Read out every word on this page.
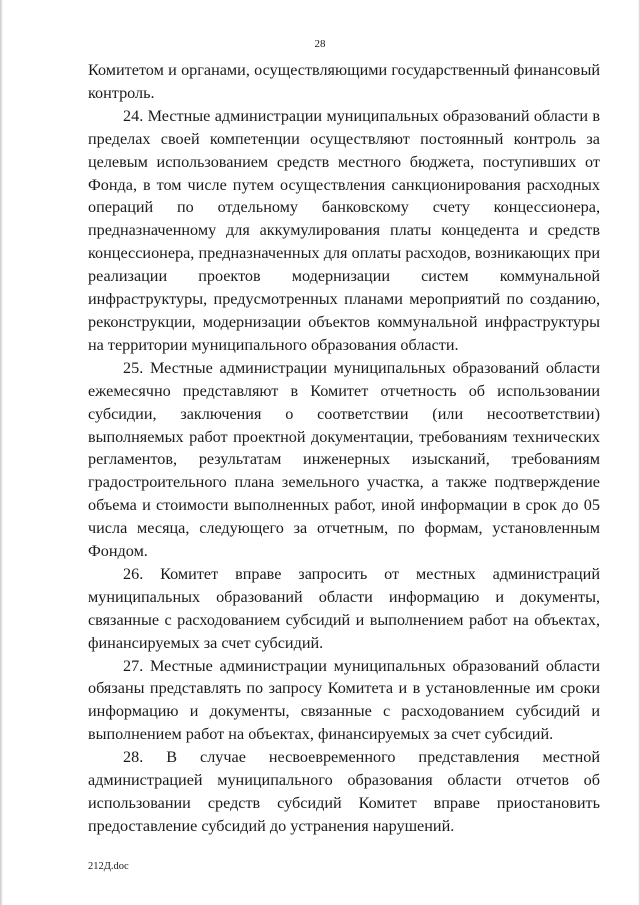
28

Комитетом и органами, осуществляющими государственный финансовый контроль.

24. Местные администрации муниципальных образований области в пределах своей компетенции осуществляют постоянный контроль за целевым использованием средств местного бюджета, поступивших от Фонда, в том числе путем осуществления санкционирования расходных операций по отдельному банковскому счету концессионера, предназначенному для аккумулирования платы концедента и средств концессионера, предназначенных для оплаты расходов, возникающих при реализации проектов модернизации систем коммунальной инфраструктуры, предусмотренных планами мероприятий по созданию, реконструкции, модернизации объектов коммунальной инфраструктуры на территории муниципального образования области.

25. Местные администрации муниципальных образований области ежемесячно представляют в Комитет отчетность об использовании субсидии, заключения о соответствии (или несоответствии) выполняемых работ проектной документации, требованиям технических регламентов, результатам инженерных изысканий, требованиям градостроительного плана земельного участка, а также подтверждение объема и стоимости выполненных работ, иной информации в срок до 05 числа месяца, следующего за отчетным, по формам, установленным Фондом.

26. Комитет вправе запросить от местных администраций муниципальных образований области информацию и документы, связанные с расходованием субсидий и выполнением работ на объектах, финансируемых за счет субсидий.

27. Местные администрации муниципальных образований области обязаны представлять по запросу Комитета и в установленные им сроки информацию и документы, связанные с расходованием субсидий и выполнением работ на объектах, финансируемых за счет субсидий.

28. В случае несвоевременного представления местной администрацией муниципального образования области отчетов об использовании средств субсидий Комитет вправе приостановить предоставление субсидий до устранения нарушений.

212Д.doc
